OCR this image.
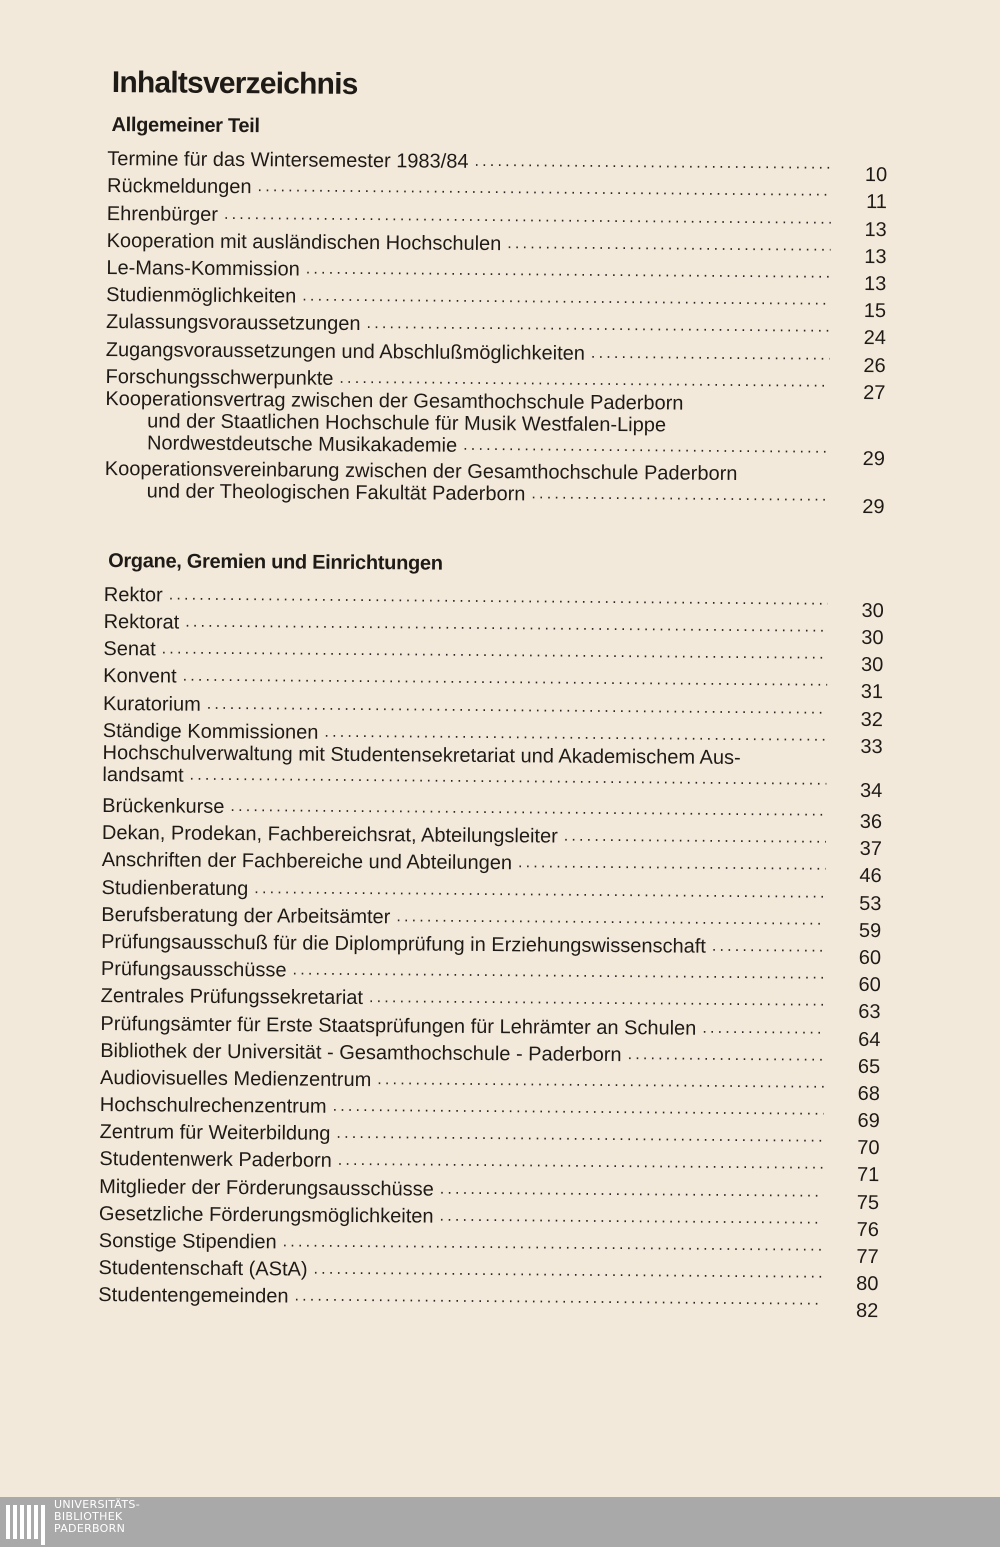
Inhaltsverzeichnis
Allgemeiner Teil
Termine für das Wintersemester 1983/84
.....
10
Rückmeldungen
.....
11
Ehrenbürger
.....
13
Kooperation mit ausländischen Hochschulen
.....
13
Le-Mans-Kommission
.....
13
Studienmöglichkeiten
.....
15
Zulassungsvoraussetzungen
.....
24
Zugangsvoraussetzungen und Abschlußmöglichkeiten
.....
26
Forschungsschwerpunkte
.....
27
Kooperationsvertrag zwischen der Gesamthochschule Paderborn
und der Staatlichen Hochschule für Musik Westfalen-Lippe
Nordwestdeutsche Musikakademie
.....
29
Kooperationsvereinbarung zwischen der Gesamthochschule Paderborn
und der Theologischen Fakultät Paderborn
.....
29
Organe, Gremien und Einrichtungen
Rektor
.....
30
Rektorat
.....
30
Senat
.....
30
Konvent
.....
31
Kuratorium
.....
32
Ständige Kommissionen
.....
33
Hochschulverwaltung mit Studentensekretariat und Akademischem Aus-
landsamt
.....
34
Brückenkurse
.....
36
Dekan, Prodekan, Fachbereichsrat, Abteilungsleiter
.....
37
Anschriften der Fachbereiche und Abteilungen
.....
46
Studienberatung
.....
53
Berufsberatung der Arbeitsämter
.....
59
Prüfungsausschuß für die Diplomprüfung in Erziehungswissenschaft
.....
60
Prüfungsausschüsse
.....
60
Zentrales Prüfungssekretariat
.....
63
Prüfungsämter für Erste Staatsprüfungen für Lehrämter an Schulen
.....
64
Bibliothek der Universität - Gesamthochschule - Paderborn
.....
65
Audiovisuelles Medienzentrum
.....
68
Hochschulrechenzentrum
.....
69
Zentrum für Weiterbildung
.....
70
Studentenwerk Paderborn
.....
71
Mitglieder der Förderungsausschüsse
.....
75
Gesetzliche Förderungsmöglichkeiten
.....
76
Sonstige Stipendien
.....
77
Studentenschaft (AStA)
.....
80
Studentengemeinden
.....
82
UNIVERSITÄTS-
BIBLIOTHEK
PADERBORN
